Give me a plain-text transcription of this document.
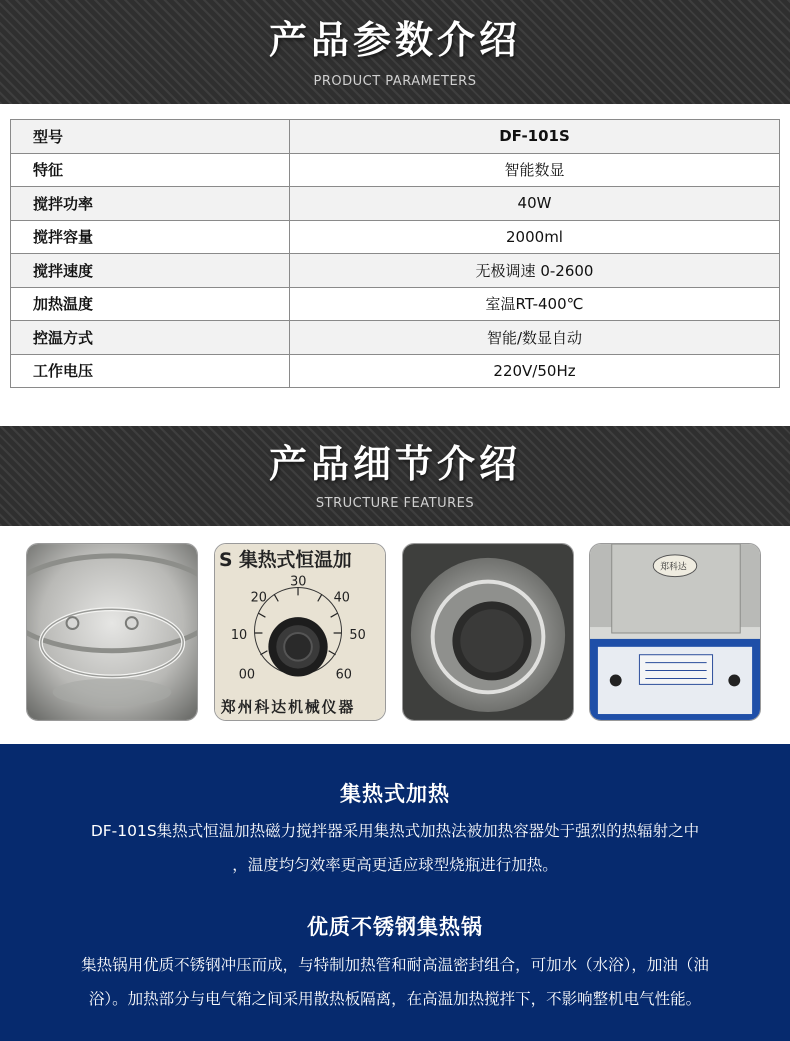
产品参数介绍
PRODUCT PARAMETERS
型号	DF-101S
特征	智能数显
搅拌功率	40W
搅拌容量	2000ml
搅拌速度	无极调速 0-2600
加热温度	室温RT-400℃
控温方式	智能/数显自动
工作电压	220V/50Hz
产品细节介绍
STRUCTURE FEATURES
S 集热式恒温加
20
30
40
10	50
00	60
郑州科达机械仪器
郑科达
集热式加热
DF-101S集热式恒温加热磁力搅拌器采用集热式加热法被加热容器处于强烈的热辐射之中
，温度均匀效率更高更适应球型烧瓶进行加热。
优质不锈钢集热锅
集热锅用优质不锈钢冲压而成，与特制加热管和耐高温密封组合，可加水（水浴），加油（油
浴）。加热部分与电气箱之间采用散热板隔离，在高温加热搅拌下，不影响整机电气性能。
